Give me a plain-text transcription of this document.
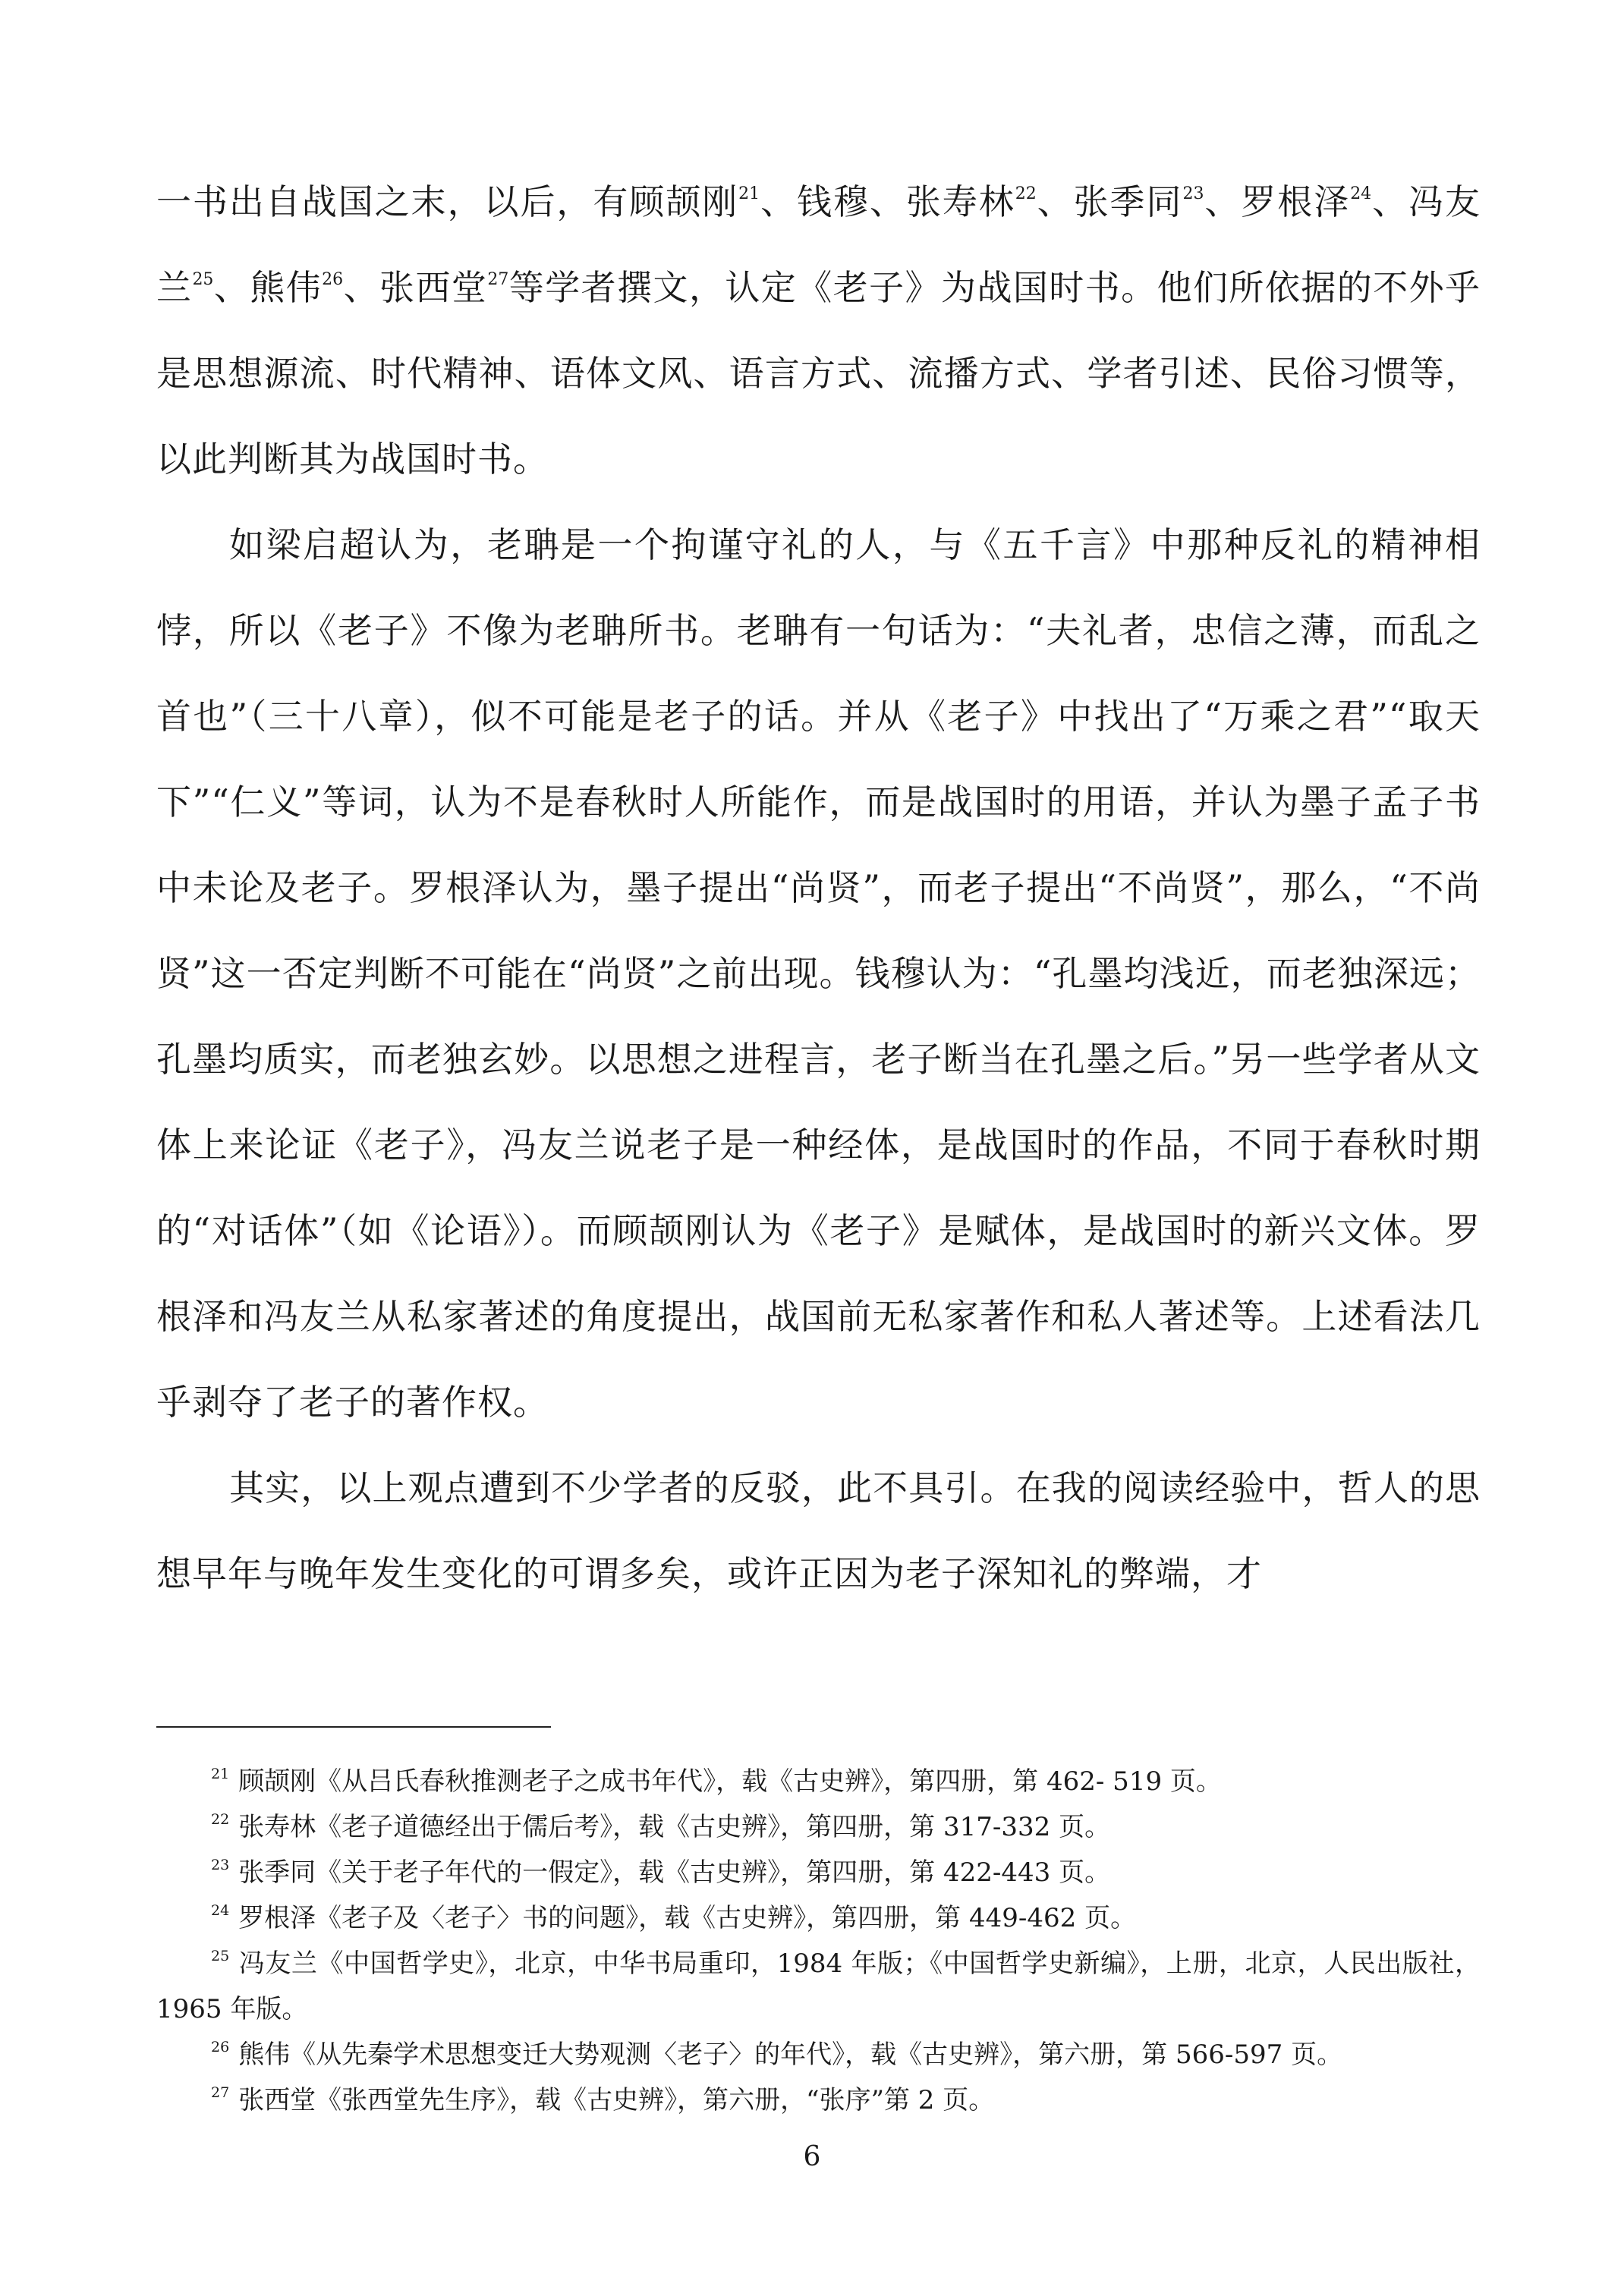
一书出自战国之末，以后，有顾颉刚$^{21}$、钱穆、张寿林$^{22}$、张季同$^{23}$、罗根泽$^{24}$、冯友兰$^{25}$、熊伟$^{26}$、张西堂$^{27}$等学者撰文，认定《老子》为战国时书。他们所依据的不外乎是思想源流、时代精神、语体文风、语言方式、流播方式、学者引述、民俗习惯等，以此判断其为战国时书。

如梁启超认为，老聃是一个拘谨守礼的人，与《五千言》中那种反礼的精神相悖，所以《老子》不像为老聃所书。老聃有一句话为：“夫礼者，忠信之薄，而乱之首也”（三十八章），似不可能是老子的话。并从《老子》中找出了“万乘之君”“取天下”“仁义”等词，认为不是春秋时人所能作，而是战国时的用语，并认为墨子孟子书中未论及老子。罗根泽认为，墨子提出“尚贤”，而老子提出“不尚贤”，那么，“不尚贤”这一否定判断不可能在“尚贤”之前出现。钱穆认为：“孔墨均浅近，而老独深远；孔墨均质实，而老独玄妙。以思想之进程言，老子断当在孔墨之后。”另一些学者从文体上来论证《老子》，冯友兰说老子是一种经体，是战国时的作品，不同于春秋时期的“对话体”（如《论语》）。而顾颉刚认为《老子》是赋体，是战国时的新兴文体。罗根泽和冯友兰从私家著述的角度提出，战国前无私家著作和私人著述等。上述看法几乎剥夺了老子的著作权。

其实，以上观点遭到不少学者的反驳，此不具引。在我的阅读经验中，哲人的思想早年与晚年发生变化的可谓多矣，或许正因为老子深知礼的弊端，才

$^{21}$ 顾颉刚《从吕氏春秋推测老子之成书年代》，载《古史辨》，第四册，第 462- 519 页。

$^{22}$ 张寿林《老子道德经出于儒后考》，载《古史辨》，第四册，第 317-332 页。

$^{23}$ 张季同《关于老子年代的一假定》，载《古史辨》，第四册，第 422-443 页。

$^{24}$ 罗根泽《老子及〈老子〉书的问题》，载《古史辨》，第四册，第 449-462 页。

$^{25}$ 冯友兰《中国哲学史》，北京，中华书局重印，1984 年版；《中国哲学史新编》，上册，北京，人民出版社，1965 年版。

$^{26}$ 熊伟《从先秦学术思想变迁大势观测〈老子〉的年代》，载《古史辨》，第六册，第 566-597 页。

$^{27}$ 张西堂《张西堂先生序》，载《古史辨》，第六册，“张序”第 2 页。

6
